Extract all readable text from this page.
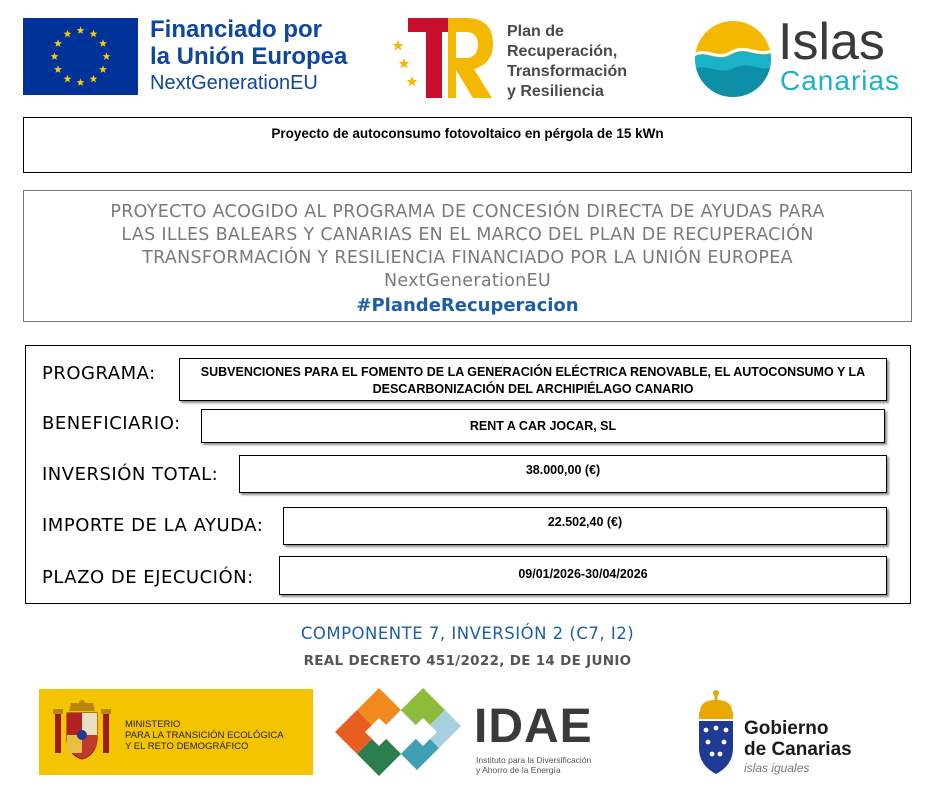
Financiado por
la Unión Europea
NextGenerationEU
Plan de
Recuperación,
Transformación
y Resiliencia
Islas
Canarias
Proyecto de autoconsumo fotovoltaico en pérgola de 15 kWn
PROYECTO ACOGIDO AL PROGRAMA DE CONCESIÓN DIRECTA DE AYUDAS PARA
LAS ILLES BALEARS Y CANARIAS EN EL MARCO DEL PLAN DE RECUPERACIÓN
TRANSFORMACIÓN Y RESILIENCIA FINANCIADO POR LA UNIÓN EUROPEA
NextGenerationEU
#PlandeRecuperacion
PROGRAMA:	SUBVENCIONES PARA EL FOMENTO DE LA GENERACIÓN ELÉCTRICA RENOVABLE, EL AUTOCONSUMO Y LA
DESCARBONIZACIÓN DEL ARCHIPIÉLAGO CANARIO
BENEFICIARIO:	RENT A CAR JOCAR, SL
INVERSIÓN TOTAL:	38.000,00 (€)
IMPORTE DE LA AYUDA:	22.502,40 (€)
PLAZO DE EJECUCIÓN:	09/01/2026-30/04/2026
COMPONENTE 7, INVERSIÓN 2 (C7, I2)
REAL DECRETO 451/2022, DE 14 DE JUNIO
MINISTERIO
PARA LA TRANSICIÓN ECOLÓGICA
Y EL RETO DEMOGRÁFICO	IDAE
Instituto para la Diversificación
y Ahorro de la Energía
Gobierno
de Canarias
islas iguales
